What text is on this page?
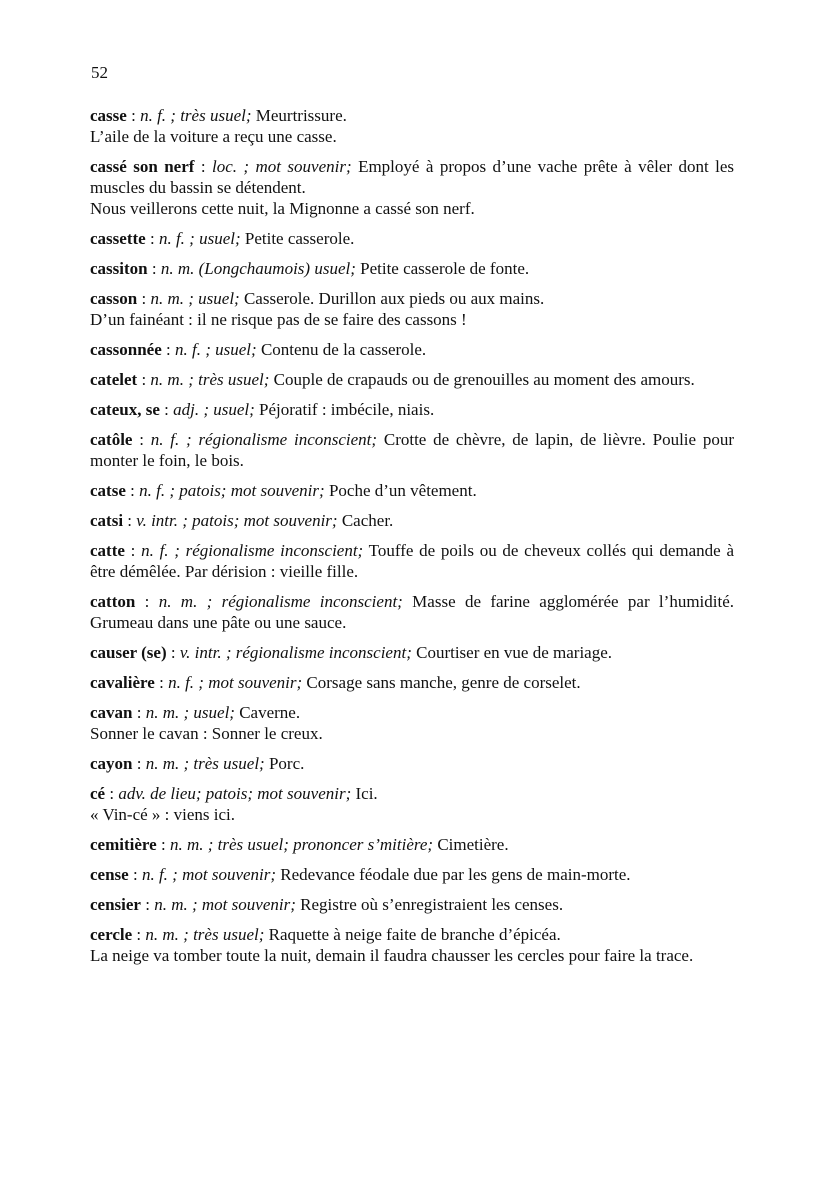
52
casse : n. f. ; très usuel; Meurtrissure.
L’aile de la voiture a reçu une casse.
cassé son nerf : loc. ; mot souvenir; Employé à propos d’une vache prête à vêler dont les muscles du bassin se détendent.
Nous veillerons cette nuit, la Mignonne a cassé son nerf.
cassette : n. f. ; usuel; Petite casserole.
cassiton : n. m. (Longchaumois) usuel; Petite casserole de fonte.
casson : n. m. ; usuel; Casserole. Durillon aux pieds ou aux mains.
D’un fainéant : il ne risque pas de se faire des cassons !
cassonnée : n. f. ; usuel; Contenu de la casserole.
catelet : n. m. ; très usuel; Couple de crapauds ou de grenouilles au moment des amours.
cateux, se : adj. ; usuel; Péjoratif : imbécile, niais.
catôle : n. f. ; régionalisme inconscient; Crotte de chèvre, de lapin, de lièvre. Poulie pour monter le foin, le bois.
catse : n. f. ; patois; mot souvenir; Poche d’un vêtement.
catsi : v. intr. ; patois; mot souvenir; Cacher.
catte : n. f. ; régionalisme inconscient; Touffe de poils ou de cheveux collés qui demande à être démêlée. Par dérision : vieille fille.
catton : n. m. ; régionalisme inconscient; Masse de farine agglomérée par l’humidité. Grumeau dans une pâte ou une sauce.
causer (se) : v. intr. ; régionalisme inconscient; Courtiser en vue de mariage.
cavalière : n. f. ; mot souvenir; Corsage sans manche, genre de corselet.
cavan : n. m. ; usuel; Caverne.
Sonner le cavan : Sonner le creux.
cayon : n. m. ; très usuel; Porc.
cé : adv. de lieu; patois; mot souvenir; Ici.
« Vin-cé » : viens ici.
cemitière : n. m. ; très usuel; prononcer s’mitière; Cimetière.
cense : n. f. ; mot souvenir; Redevance féodale due par les gens de main-morte.
censier : n. m. ; mot souvenir; Registre où s’enregistraient les censes.
cercle : n. m. ; très usuel; Raquette à neige faite de branche d’épicéa.
La neige va tomber toute la nuit, demain il faudra chausser les cercles pour faire la trace.
